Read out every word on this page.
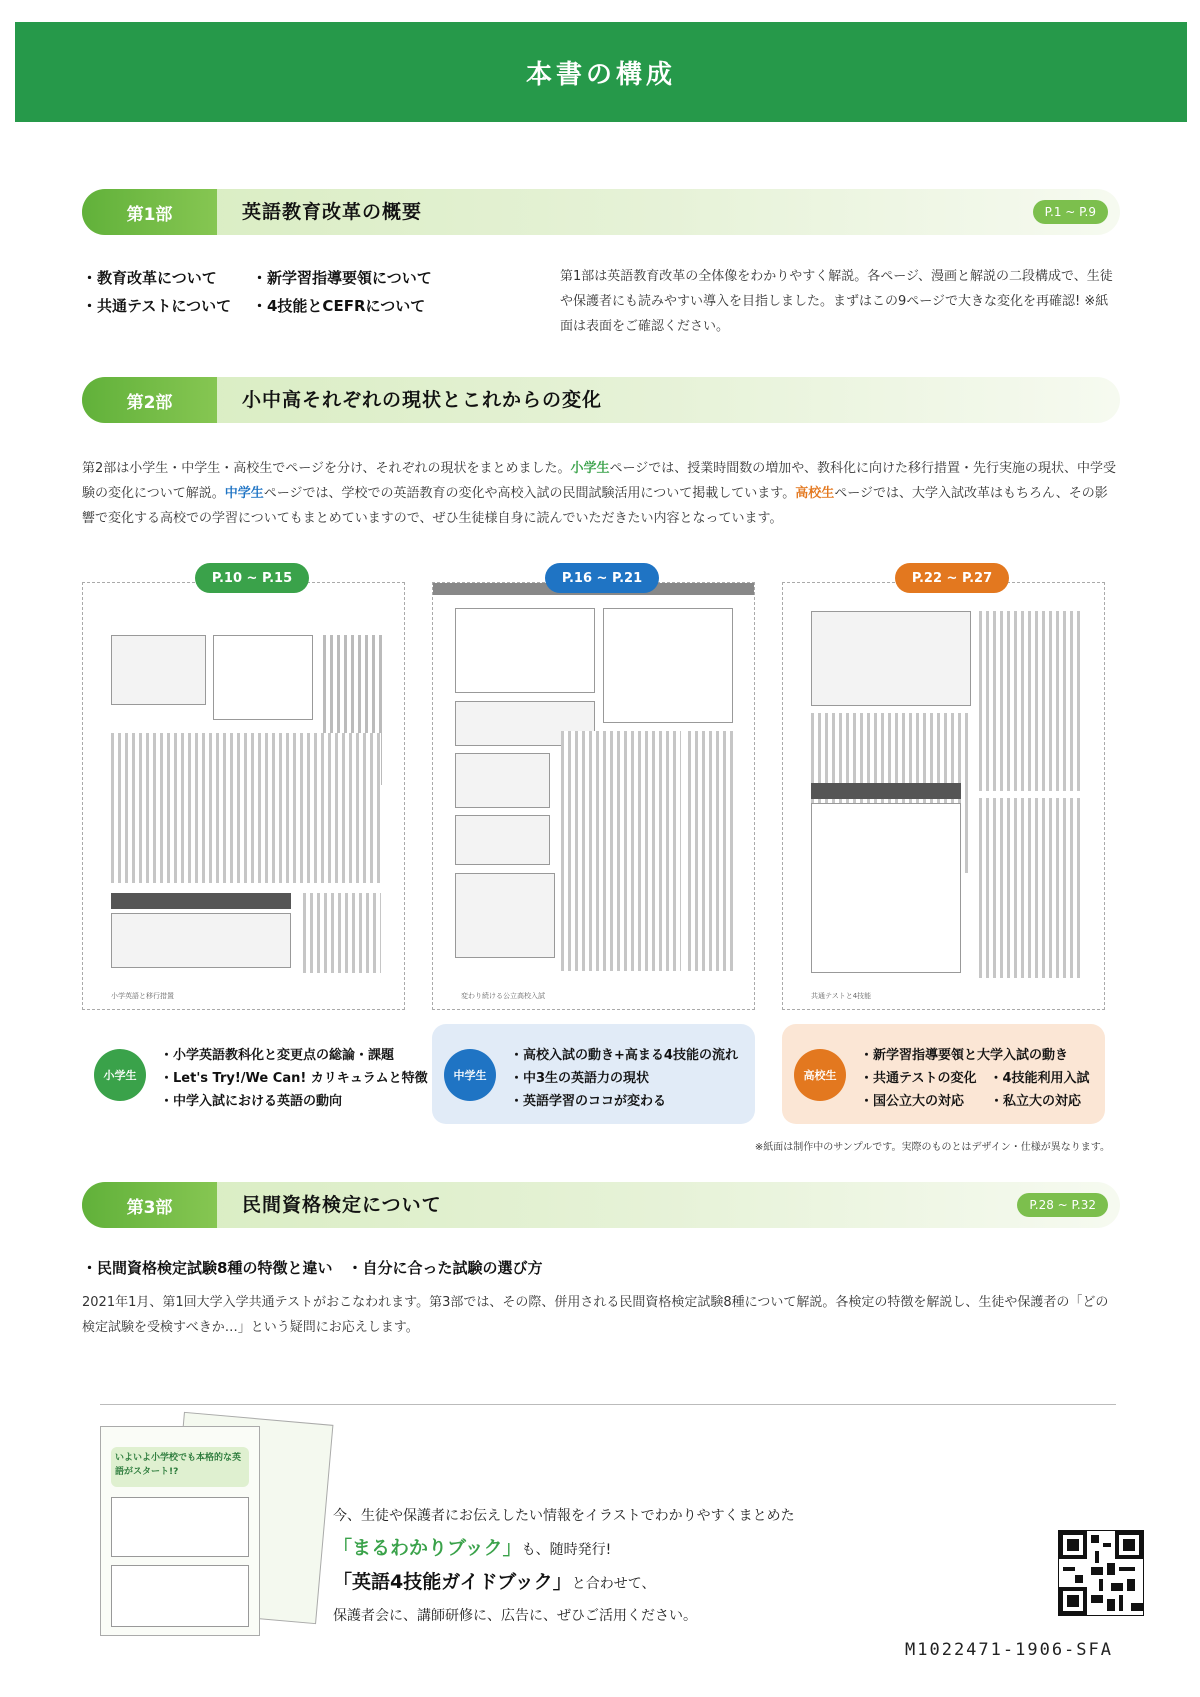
本書の構成
第1部	英語教育改革の概要	P.1 ~ P.9
・教育改革について
・共通テストについて
・新学習指導要領について
・4技能とCEFRについて
第1部は英語教育改革の全体像をわかりやすく解説。各ページ、漫画と解説の二段構成で、生徒や保護者にも読みやすい導入を目指しました。まずはこの9ページで大きな変化を再確認! ※紙面は表面をご確認ください。
第2部	小中高それぞれの現状とこれからの変化
第2部は小学生・中学生・高校生でページを分け、それぞれの現状をまとめました。小学生ページでは、授業時間数の増加や、教科化に向けた移行措置・先行実施の現状、中学受験の変化について解説。中学生ページでは、学校での英語教育の変化や高校入試の民間試験活用について掲載しています。高校生ページでは、大学入試改革はもちろん、その影響で変化する高校での学習についてもまとめていますので、ぜひ生徒様自身に読んでいただきたい内容となっています。
P.10 ~ P.15	P.16 ~ P.21	P.22 ~ P.27
小学英語と移行措置	変わり続ける公立高校入試	共通テストと4技能
小学生
・小学英語教科化と変更点の総論・課題
・Let's Try!/We Can! カリキュラムと特徴
・中学入試における英語の動向
中学生
・高校入試の動き+高まる4技能の流れ
・中3生の英語力の現状
・英語学習のココが変わる
高校生
・新学習指導要領と大学入試の動き
・共通テストの変化　・4技能利用入試
・国公立大の対応　　・私立大の対応
※紙面は制作中のサンプルです。実際のものとはデザイン・仕様が異なります。
第3部	民間資格検定について	P.28 ~ P.32
・民間資格検定試験8種の特徴と違い　・自分に合った試験の選び方
2021年1月、第1回大学入学共通テストがおこなわれます。第3部では、その際、併用される民間資格検定試験8種について解説。各検定の特徴を解説し、生徒や保護者の「どの検定試験を受検すべきか…」という疑問にお応えします。
いよいよ小学校でも本格的な英語がスタート!?
今、生徒や保護者にお伝えしたい情報をイラストでわかりやすくまとめた
「まるわかりブック」も、随時発行!
「英語4技能ガイドブック」と合わせて、
保護者会に、講師研修に、広告に、ぜひご活用ください。
M1022471-1906-SFA
